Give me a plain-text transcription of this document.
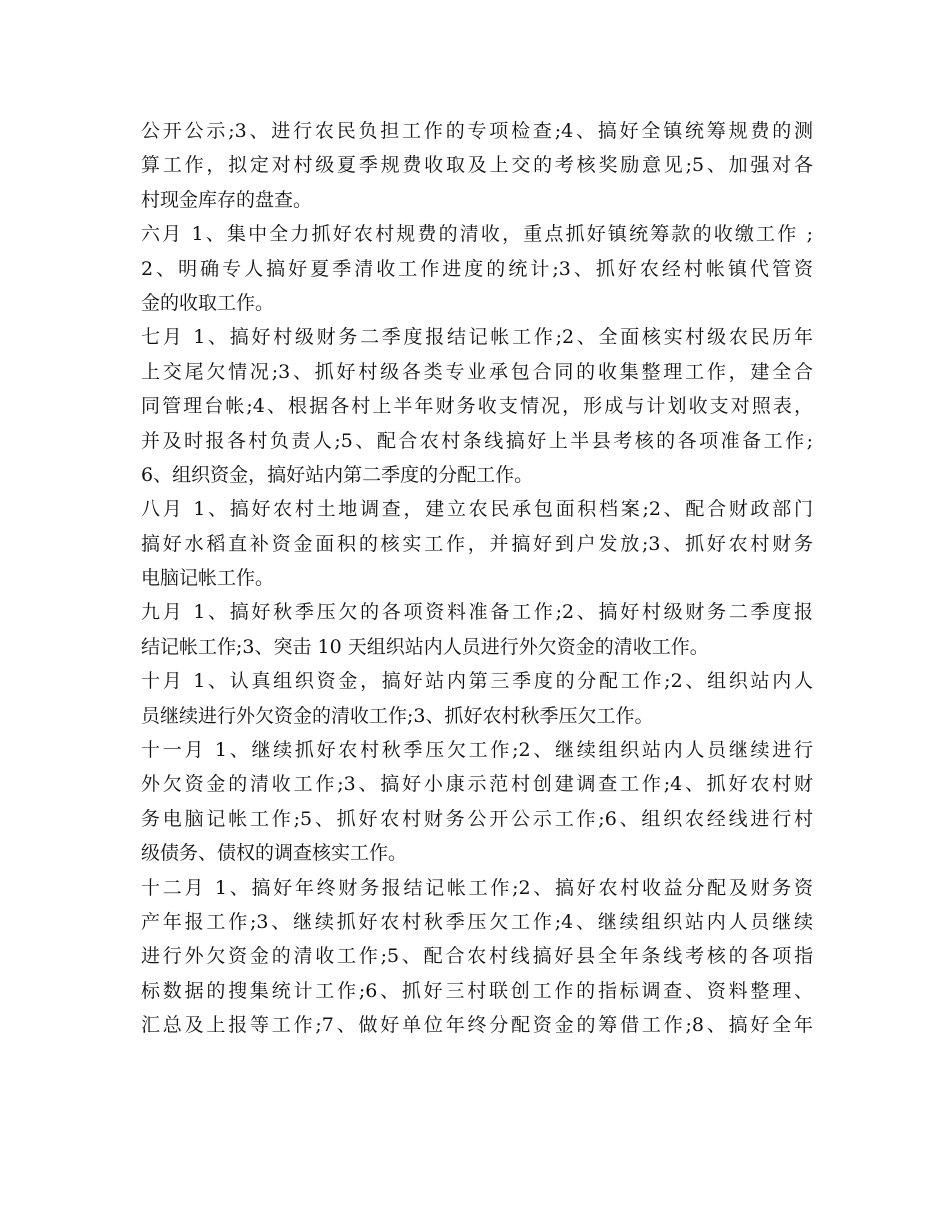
公开公示;3、进行农民负担工作的专项检查;4、搞好全镇统筹规费的测
算工作，拟定对村级夏季规费收取及上交的考核奖励意见;5、加强对各
村现金库存的盘查。
六月 1、集中全力抓好农村规费的清收，重点抓好镇统筹款的收缴工作 ;
2、明确专人搞好夏季清收工作进度的统计;3、抓好农经村帐镇代管资
金的收取工作。
七月 1、搞好村级财务二季度报结记帐工作;2、全面核实村级农民历年
上交尾欠情况;3、抓好村级各类专业承包合同的收集整理工作，建全合
同管理台帐;4、根据各村上半年财务收支情况，形成与计划收支对照表，
并及时报各村负责人;5、配合农村条线搞好上半县考核的各项准备工作;
6、组织资金，搞好站内第二季度的分配工作。
八月 1、搞好农村土地调查，建立农民承包面积档案;2、配合财政部门
搞好水稻直补资金面积的核实工作，并搞好到户发放;3、抓好农村财务
电脑记帐工作。
九月 1、搞好秋季压欠的各项资料准备工作;2、搞好村级财务二季度报
结记帐工作;3、突击 10 天组织站内人员进行外欠资金的清收工作。
十月 1、认真组织资金，搞好站内第三季度的分配工作;2、组织站内人
员继续进行外欠资金的清收工作;3、抓好农村秋季压欠工作。
十一月 1、继续抓好农村秋季压欠工作;2、继续组织站内人员继续进行
外欠资金的清收工作;3、搞好小康示范村创建调查工作;4、抓好农村财
务电脑记帐工作;5、抓好农村财务公开公示工作;6、组织农经线进行村
级债务、债权的调查核实工作。
十二月 1、搞好年终财务报结记帐工作;2、搞好农村收益分配及财务资
产年报工作;3、继续抓好农村秋季压欠工作;4、继续组织站内人员继续
进行外欠资金的清收工作;5、配合农村线搞好县全年条线考核的各项指
标数据的搜集统计工作;6、抓好三村联创工作的指标调查、资料整理、
汇总及上报等工作;7、做好单位年终分配资金的筹借工作;8、搞好全年
